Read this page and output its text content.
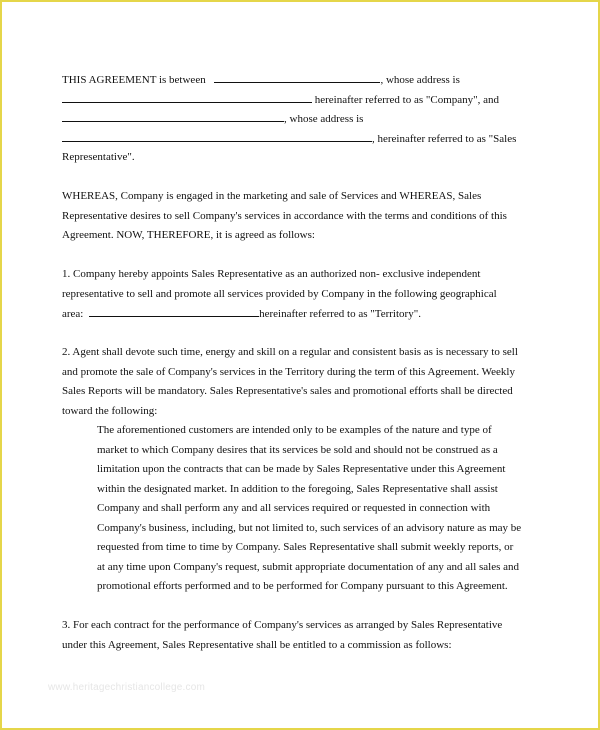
THIS AGREEMENT is between	, whose address is
hereinafter referred to as "Company", and
, whose address is
, hereinafter referred to as "Sales
Representative".
WHEREAS, Company is engaged in the marketing and sale of Services and WHEREAS, Sales
Representative desires to sell Company's services in accordance with the terms and conditions of this
Agreement. NOW, THEREFORE, it is agreed as follows:
1. Company hereby appoints Sales Representative as an authorized non- exclusive independent
representative to sell and promote all services provided by Company in the following geographical
area:	hereinafter referred to as "Territory".
2. Agent shall devote such time, energy and skill on a regular and consistent basis as is necessary to sell
and promote the sale of Company's services in the Territory during the term of this Agreement. Weekly
Sales Reports will be mandatory. Sales Representative's sales and promotional efforts shall be directed
toward the following:
The aforementioned customers are intended only to be examples of the nature and type of
market to which Company desires that its services be sold and should not be construed as a
limitation upon the contracts that can be made by Sales Representative under this Agreement
within the designated market. In addition to the foregoing, Sales Representative shall assist
Company and shall perform any and all services required or requested in connection with
Company's business, including, but not limited to, such services of an advisory nature as may be
requested from time to time by Company. Sales Representative shall submit weekly reports, or
at any time upon Company's request, submit appropriate documentation of any and all sales and
promotional efforts performed and to be performed for Company pursuant to this Agreement.
3. For each contract for the performance of Company's services as arranged by Sales Representative
under this Agreement, Sales Representative shall be entitled to a commission as follows:
www.heritagechristiancollege.com
